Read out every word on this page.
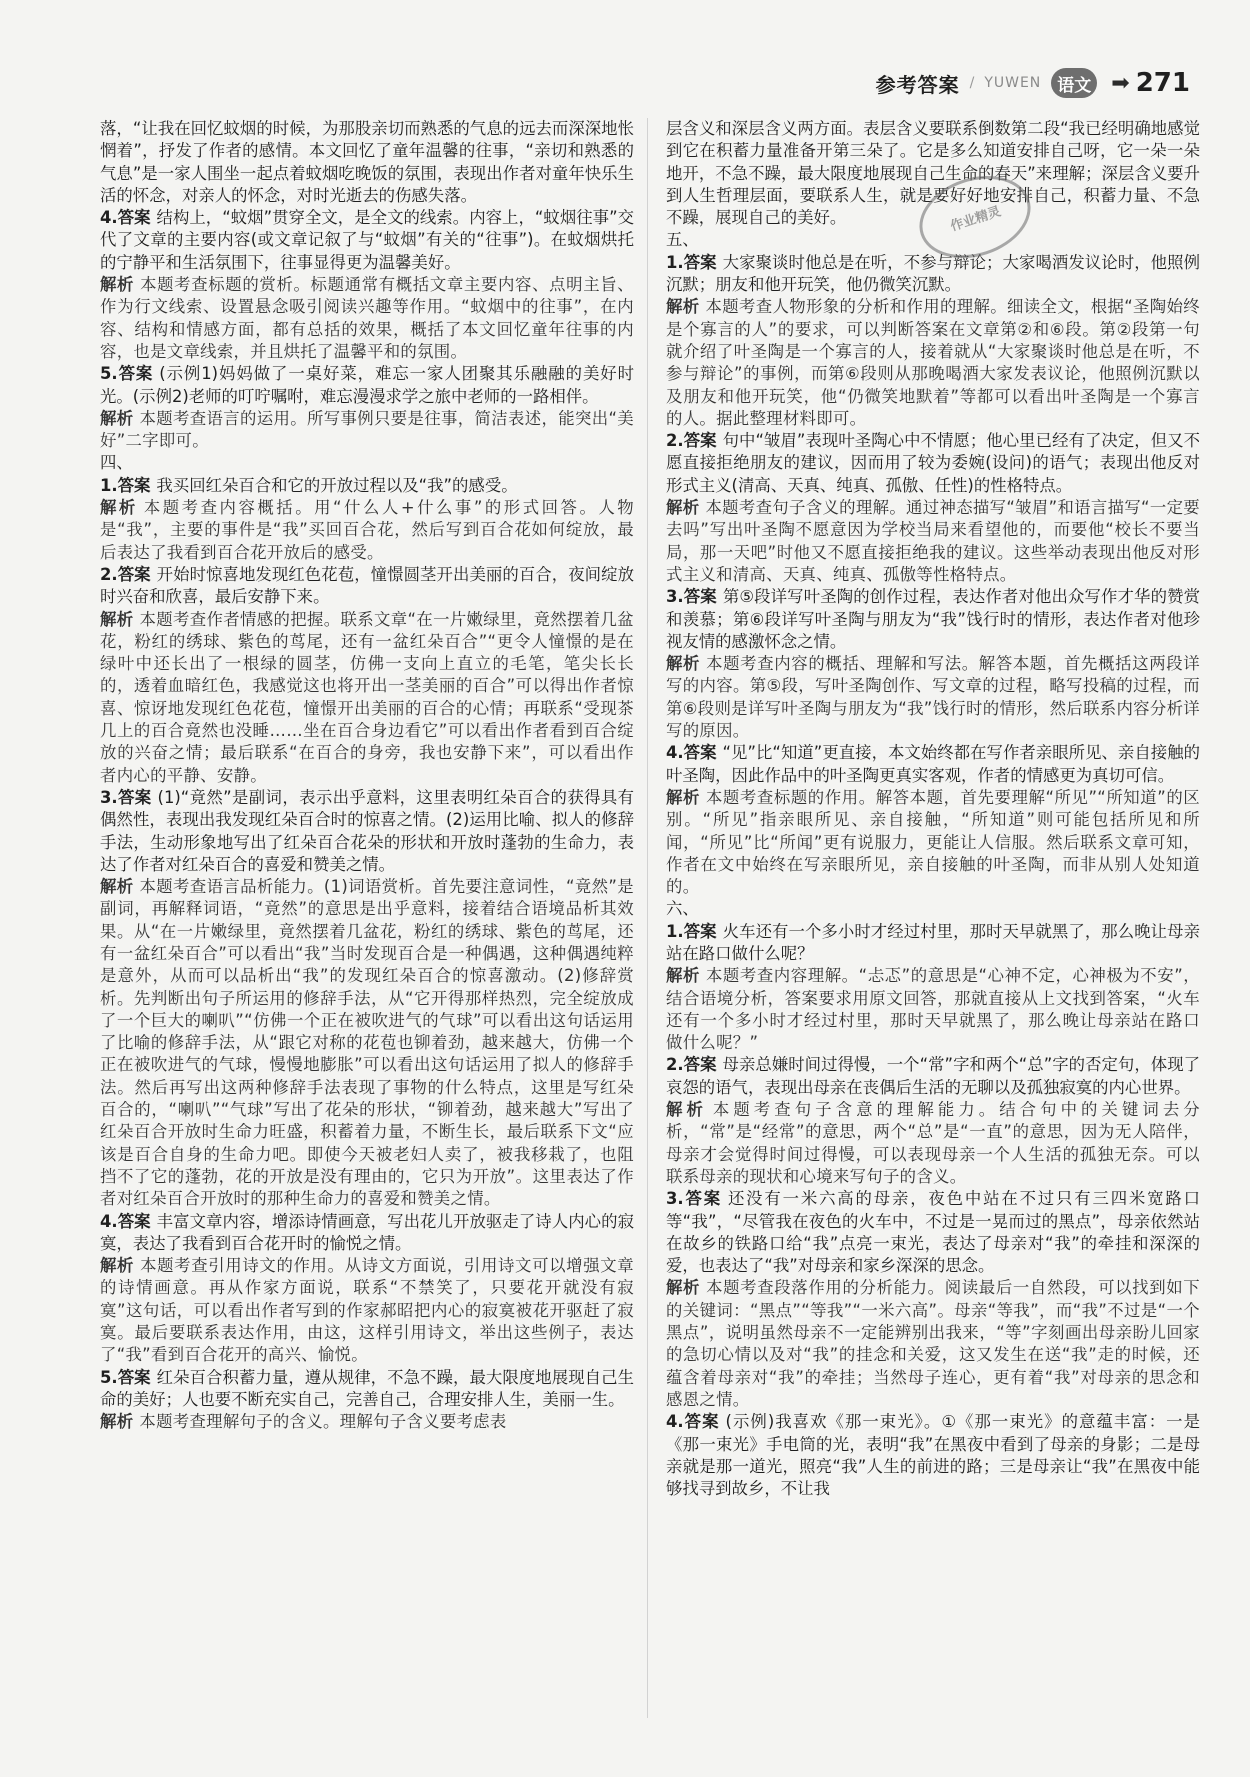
参考答案 / YUWEN 语文 ➡ 271

落，“让我在回忆蚊烟的时候，为那股亲切而熟悉的气息的远去而深深地怅惘着”，抒发了作者的感情。本文回忆了童年温馨的往事，“亲切和熟悉的气息”是一家人围坐一起点着蚊烟吃晚饭的氛围，表现出作者对童年快乐生活的怀念，对亲人的怀念，对时光逝去的伤感失落。

4.答案 结构上，“蚊烟”贯穿全文，是全文的线索。内容上，“蚊烟往事”交代了文章的主要内容(或文章记叙了与“蚊烟”有关的“往事”)。在蚊烟烘托的宁静平和生活氛围下，往事显得更为温馨美好。

解析 本题考查标题的赏析。标题通常有概括文章主要内容、点明主旨、作为行文线索、设置悬念吸引阅读兴趣等作用。“蚊烟中的往事”，在内容、结构和情感方面，都有总括的效果，概括了本文回忆童年往事的内容，也是文章线索，并且烘托了温馨平和的氛围。

5.答案 (示例1)妈妈做了一桌好菜，难忘一家人团聚其乐融融的美好时光。(示例2)老师的叮咛嘱咐，难忘漫漫求学之旅中老师的一路相伴。

解析 本题考查语言的运用。所写事例只要是往事，简洁表述，能突出“美好”二字即可。

四、

1.答案 我买回红朵百合和它的开放过程以及“我”的感受。

解析 本题考查内容概括。用“什么人+什么事”的形式回答。人物是“我”，主要的事件是“我”买回百合花，然后写到百合花如何绽放，最后表达了我看到百合花开放后的感受。

2.答案 开始时惊喜地发现红色花苞，憧憬圆茎开出美丽的百合，夜间绽放时兴奋和欣喜，最后安静下来。

解析 本题考查作者情感的把握。联系文章“在一片嫩绿里，竟然摆着几盆花，粉红的绣球、紫色的茑尾，还有一盆红朵百合”“更令人憧憬的是在绿叶中还长出了一根绿的圆茎，仿佛一支向上直立的毛笔，笔尖长长的，透着血暗红色，我感觉这也将开出一茎美丽的百合”可以得出作者惊喜、惊讶地发现红色花苞，憧憬开出美丽的百合的心情；再联系“受现茶几上的百合竟然也没睡……坐在百合身边看它”可以看出作者看到百合绽放的兴奋之情；最后联系“在百合的身旁，我也安静下来”，可以看出作者内心的平静、安静。

3.答案 (1)“竟然”是副词，表示出乎意料，这里表明红朵百合的获得具有偶然性，表现出我发现红朵百合时的惊喜之情。(2)运用比喻、拟人的修辞手法，生动形象地写出了红朵百合花朵的形状和开放时蓬勃的生命力，表达了作者对红朵百合的喜爱和赞美之情。

解析 本题考查语言品析能力。(1)词语赏析。首先要注意词性，“竟然”是副词，再解释词语，“竟然”的意思是出乎意料，接着结合语境品析其效果。从“在一片嫩绿里，竟然摆着几盆花，粉红的绣球、紫色的茑尾，还有一盆红朵百合”可以看出“我”当时发现百合是一种偶遇，这种偶遇纯粹是意外，从而可以品析出“我”的发现红朵百合的惊喜激动。(2)修辞赏析。先判断出句子所运用的修辞手法，从“它开得那样热烈，完全绽放成了一个巨大的喇叭”“仿佛一个正在被吹进气的气球”可以看出这句话运用了比喻的修辞手法，从“跟它对称的花苞也铆着劲，越来越大，仿佛一个正在被吹进气的气球，慢慢地膨胀”可以看出这句话运用了拟人的修辞手法。然后再写出这两种修辞手法表现了事物的什么特点，这里是写红朵百合的，“喇叭”“气球”写出了花朵的形状，“铆着劲，越来越大”写出了红朵百合开放时生命力旺盛，积蓄着力量，不断生长，最后联系下文“应该是百合自身的生命力吧。即使今天被老妇人卖了，被我移栽了，也阻挡不了它的蓬勃，花的开放是没有理由的，它只为开放”。这里表达了作者对红朵百合开放时的那种生命力的喜爱和赞美之情。

4.答案 丰富文章内容，增添诗情画意，写出花儿开放驱走了诗人内心的寂寞，表达了我看到百合花开时的愉悦之情。

解析 本题考查引用诗文的作用。从诗文方面说，引用诗文可以增强文章的诗情画意。再从作家方面说，联系“不禁笑了，只要花开就没有寂寞”这句话，可以看出作者写到的作家郝昭把内心的寂寞被花开驱赶了寂寞。最后要联系表达作用，由这，这样引用诗文，举出这些例子，表达了“我”看到百合花开的高兴、愉悦。

5.答案 红朵百合积蓄力量，遵从规律，不急不躁，最大限度地展现自己生命的美好；人也要不断充实自己，完善自己，合理安排人生，美丽一生。

解析 本题考查理解句子的含义。理解句子含义要考虑表

层含义和深层含义两方面。表层含义要联系倒数第二段“我已经明确地感觉到它在积蓄力量准备开第三朵了。它是多么知道安排自己呀，它一朵一朵地开，不急不躁，最大限度地展现自己生命的春天”来理解；深层含义要升到人生哲理层面，要联系人生，就是要好好地安排自己，积蓄力量、不急不躁，展现自己的美好。

五、

1.答案 大家聚谈时他总是在听，不参与辩论；大家喝酒发议论时，他照例沉默；朋友和他开玩笑，他仍微笑沉默。

解析 本题考查人物形象的分析和作用的理解。细读全文，根据“圣陶始终是个寡言的人”的要求，可以判断答案在文章第②和⑥段。第②段第一句就介绍了叶圣陶是一个寡言的人，接着就从“大家聚谈时他总是在听，不参与辩论”的事例，而第⑥段则从那晚喝酒大家发表议论，他照例沉默以及朋友和他开玩笑，他“仍微笑地默着”等都可以看出叶圣陶是一个寡言的人。据此整理材料即可。

2.答案 句中“皱眉”表现叶圣陶心中不情愿；他心里已经有了决定，但又不愿直接拒绝朋友的建议，因而用了较为委婉(设问)的语气；表现出他反对形式主义(清高、天真、纯真、孤傲、任性)的性格特点。

解析 本题考查句子含义的理解。通过神态描写“皱眉”和语言描写“一定要去吗”写出叶圣陶不愿意因为学校当局来看望他的，而要他“校长不要当局，那一天吧”时他又不愿直接拒绝我的建议。这些举动表现出他反对形式主义和清高、天真、纯真、孤傲等性格特点。

3.答案 第⑤段详写叶圣陶的创作过程，表达作者对他出众写作才华的赞赏和羡慕；第⑥段详写叶圣陶与朋友为“我”饯行时的情形，表达作者对他珍视友情的感激怀念之情。

解析 本题考查内容的概括、理解和写法。解答本题，首先概括这两段详写的内容。第⑤段，写叶圣陶创作、写文章的过程，略写投稿的过程，而第⑥段则是详写叶圣陶与朋友为“我”饯行时的情形，然后联系内容分析详写的原因。

4.答案 “见”比“知道”更直接，本文始终都在写作者亲眼所见、亲自接触的叶圣陶，因此作品中的叶圣陶更真实客观，作者的情感更为真切可信。

解析 本题考查标题的作用。解答本题，首先要理解“所见”“所知道”的区别。“所见”指亲眼所见、亲自接触，“所知道”则可能包括所见和所闻，“所见”比“所闻”更有说服力，更能让人信服。然后联系文章可知，作者在文中始终在写亲眼所见，亲自接触的叶圣陶，而非从别人处知道的。

六、

1.答案 火车还有一个多小时才经过村里，那时天早就黑了，那么晚让母亲站在路口做什么呢？

解析 本题考查内容理解。“忐忑”的意思是“心神不定，心神极为不安”，结合语境分析，答案要求用原文回答，那就直接从上文找到答案，“火车还有一个多小时才经过村里，那时天早就黑了，那么晚让母亲站在路口做什么呢？”

2.答案 母亲总嫌时间过得慢，一个“常”字和两个“总”字的否定句，体现了哀怨的语气，表现出母亲在丧偶后生活的无聊以及孤独寂寞的内心世界。

解析 本题考查句子含意的理解能力。结合句中的关键词去分析，“常”是“经常”的意思，两个“总”是“一直”的意思，因为无人陪伴，母亲才会觉得时间过得慢，可以表现母亲一个人生活的孤独无奈。可以联系母亲的现状和心境来写句子的含义。

3.答案 还没有一米六高的母亲，夜色中站在不过只有三四米宽路口等“我”，“尽管我在夜色的火车中，不过是一晃而过的黑点”，母亲依然站在故乡的铁路口给“我”点亮一束光，表达了母亲对“我”的牵挂和深深的爱，也表达了“我”对母亲和家乡深深的思念。

解析 本题考查段落作用的分析能力。阅读最后一自然段，可以找到如下的关键词：“黑点”“等我”“一米六高”。母亲“等我”，而“我”不过是“一个黑点”，说明虽然母亲不一定能辨别出我来，“等”字刻画出母亲盼儿回家的急切心情以及对“我”的挂念和关爱，这又发生在送“我”走的时候，还蕴含着母亲对“我”的牵挂；当然母子连心，更有着“我”对母亲的思念和感恩之情。

4.答案 (示例)我喜欢《那一束光》。①《那一束光》的意蕴丰富：一是《那一束光》手电筒的光，表明“我”在黑夜中看到了母亲的身影；二是母亲就是那一道光，照亮“我”人生的前进的路；三是母亲让“我”在黑夜中能够找寻到故乡，不让我

作业精灵
